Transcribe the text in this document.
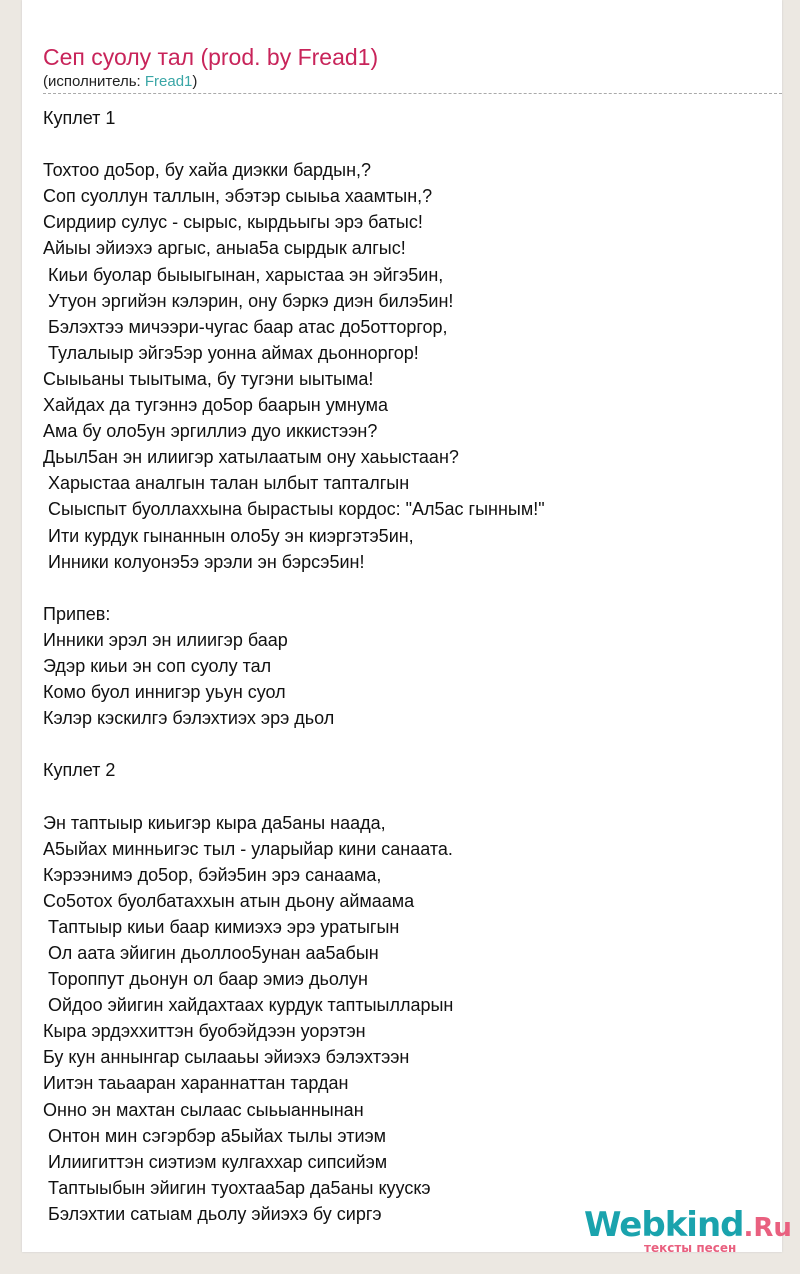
Сеп суолу тал (prod. by Fread1)
(исполнитель: Fread1)
Куплет 1

Тохтоо до5ор, бу хайа диэкки бардын,?
Соп суоллун таллын, эбэтэр сыыьа хаамтын,?
Сирдиир сулус - сырыс, кырдьыгы эрэ батыс!
Айыы эйиэхэ аргыс, аныа5а сырдык алгыс!
Киьи буолар быыыгынан, харыстаа эн эйгэ5ин,
Утуон эргийэн кэлэрин, ону бэркэ диэн билэ5ин!
Бэлэхтээ мичээри-чугас баар атас до5отторгор,
Тулалыыр эйгэ5эр уонна аймах дьонноргор!
Сыыьаны тыытыма, бу тугэни ыытыма!
Хайдах да тугэннэ до5ор баарын умнума
Ама бу оло5ун эргиллиэ дуо иккистээн?
Дьыл5ан эн илиигэр хатылаатым ону хаьыстаан?
Харыстаа аналгын талан ылбыт тапталгын
Сыыспыт буоллаххына бырастыы кордос: "Ал5ас гынным!"
Ити курдук гынаннын оло5у эн киэргэтэ5ин,
Инники колуонэ5э эрэли эн бэрсэ5ин!

Припев:
Инники эрэл эн илиигэр баар
Эдэр киьи эн соп суолу тал
Комо буол иннигэр уьун суол
Кэлэр кэскилгэ бэлэхтиэх эрэ дьол

Куплет 2

Эн таптыыр киьигэр кыра да5аны наада,
А5ыйах минньигэс тыл - уларыйар кини санаата.
Кэрээнимэ до5ор, бэйэ5ин эрэ санаама,
Со5отох буолбатаххын атын дьону аймаама
Таптыыр киьи баар кимиэхэ эрэ уратыгын
Ол аата эйигин дьоллоо5унан аа5абын
Тороппут дьонун ол баар эмиэ дьолун
Ойдоо эйигин хайдахтаах курдук таптыылларын
Кыра эрдэххиттэн буобэйдээн уорэтэн
Бу кун аннынгар сылааьы эйиэхэ бэлэхтээн
Иитэн таьааран хараннаттан тардан
Онно эн махтан сылаас сыьыаннынан
Онтон мин сэгэрбэр а5ыйах тылы этиэм
Илиигиттэн сиэтиэм кулгаххар сипсийэм
Таптыыбын эйигин туохтаа5ар да5аны куускэ
Бэлэхтии сатыам дьолу эйиэхэ бу сиргэ	Webkind.Ru
тексты песен
